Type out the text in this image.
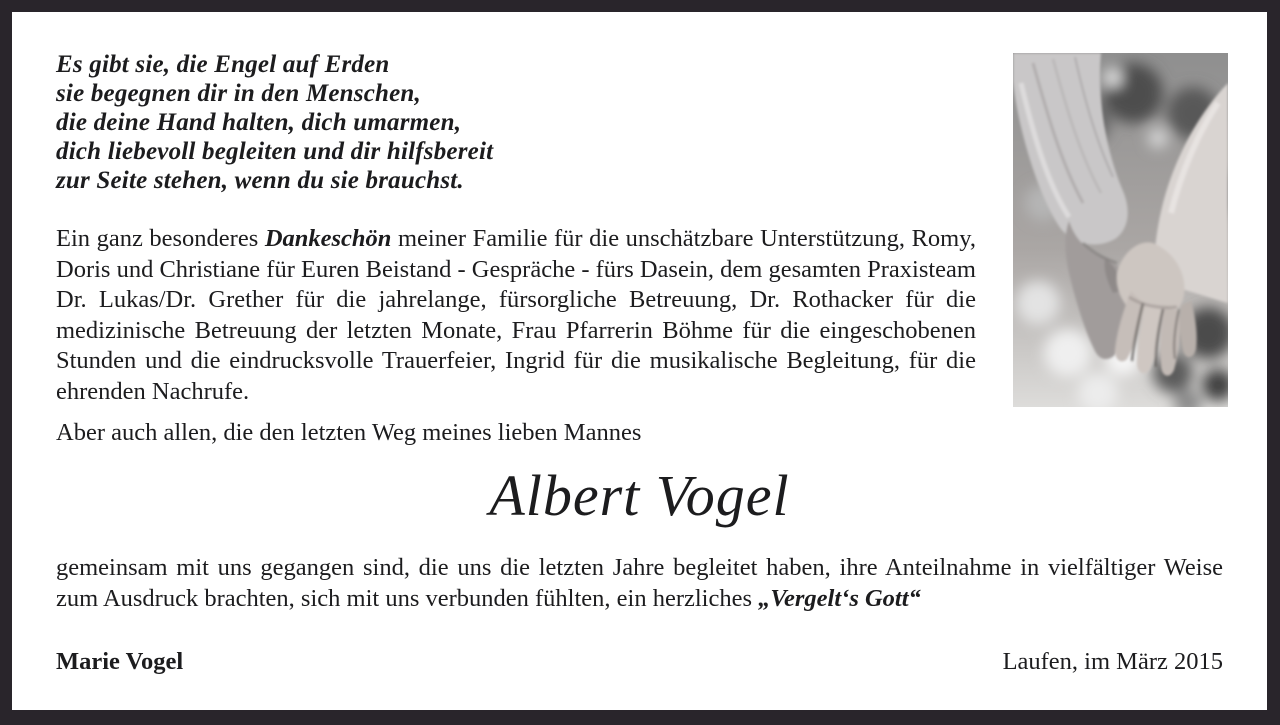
Es gibt sie, die Engel auf Erden
sie begegnen dir in den Menschen,
die deine Hand halten, dich umarmen,
dich liebevoll begleiten und dir hilfsbereit
zur Seite stehen, wenn du sie brauchst.

Ein ganz besonderes Dankeschön meiner Familie für die unschätzbare Unterstützung, Romy, Doris und Christiane für Euren Beistand - Gespräche - fürs Dasein, dem gesamten Praxisteam Dr. Lukas/Dr. Grether für die jahrelange, fürsorgliche Betreuung, Dr. Rothacker für die medizinische Betreuung der letzten Monate, Frau Pfarrerin Böhme für die eingeschobenen Stunden und die eindrucksvolle Trauerfeier, Ingrid für die musikalische Begleitung, für die ehrenden Nachrufe.

Aber auch allen, die den letzten Weg meines lieben Mannes

Albert Vogel

gemeinsam mit uns gegangen sind, die uns die letzten Jahre begleitet haben, ihre Anteilnahme in vielfältiger Weise zum Ausdruck brachten, sich mit uns verbunden fühlten, ein herzliches „Vergelt‘s Gott“

Marie Vogel	Laufen, im März 2015
